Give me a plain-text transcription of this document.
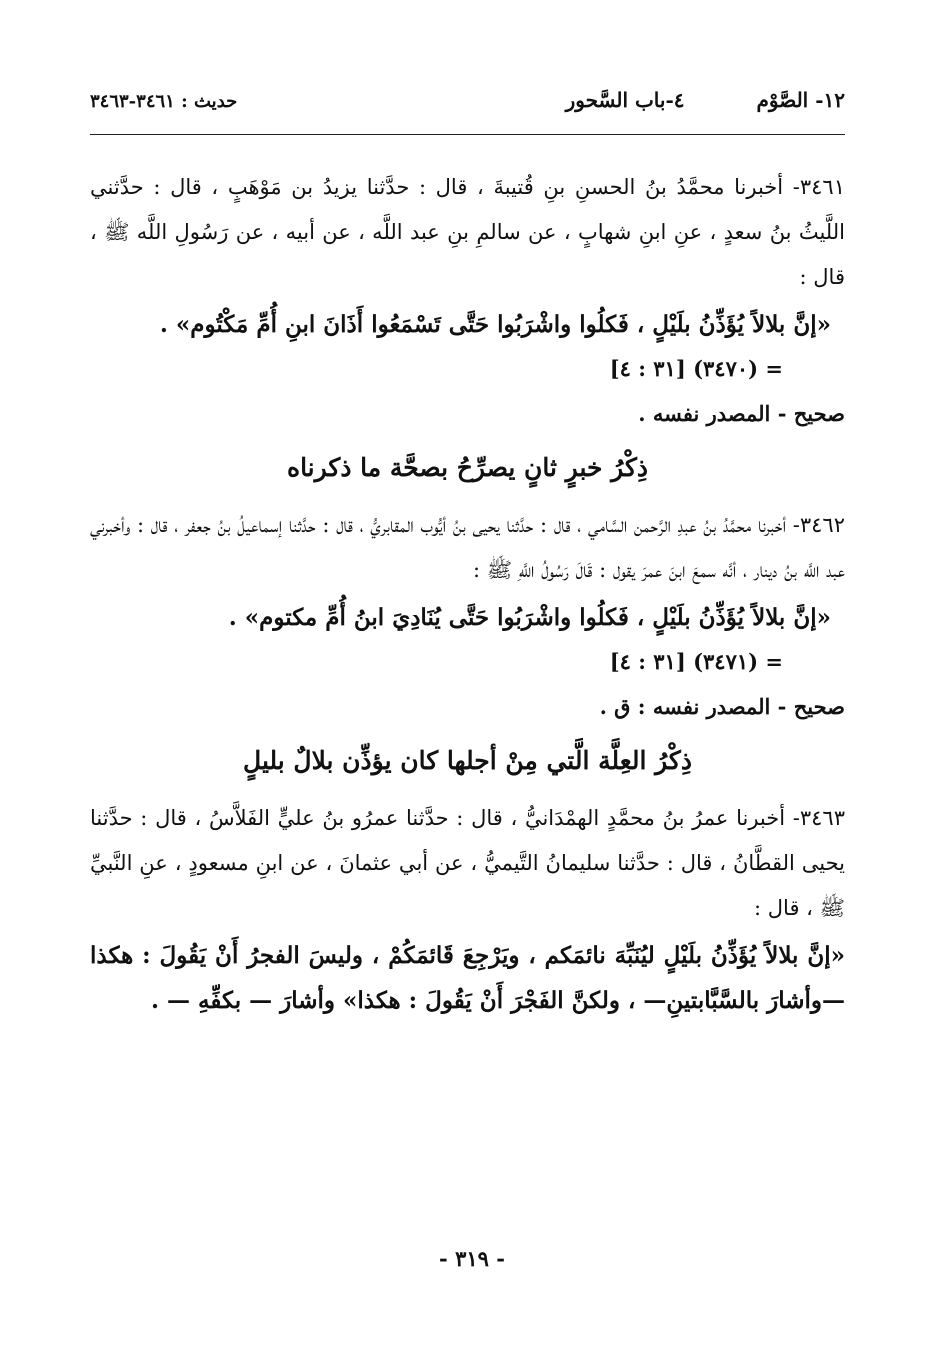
١٢- الصَّوْم
٤-باب السَّحور
حديث : ٣٤٦١-٣٤٦٣

٣٤٦١- أخبرنا محمَّدُ بنُ الحسنِ بنِ قُتيبةَ ، قال : حدَّثنا يزيدُ بن مَوْهَبٍ ، قال : حدَّثني اللَّيثُ بنُ سعدٍ ، عنِ ابنِ شهابٍ ، عن سالمِ بنِ عبد اللَّه ، عن أبيه ، عن رَسُولِ اللَّه ﷺ ، قال :

«إنَّ بلالاً يُؤَذِّنُ بلَيْلٍ ، فَكلُوا واشْرَبُوا حَتَّى تَسْمَعُوا أَذَانَ ابنِ أُمِّ مَكْتُوم» .

= (٣٤٧٠) [٣١ : ٤]

صحيح - المصدر نفسه .

ذِكْرُ خبرٍ ثانٍ يصرِّحُ بصحَّة ما ذكرناه

٣٤٦٢- أخبرنا محمَّدُ بنُ عبدِ الرَّحمن السَّامي ، قال : حدَّثنا يحيى بنُ أيُّوب المقابريُّ ، قال : حدَّثنا إسماعيلُ بنُ جعفر ، قال : وأخبرني عبد اللَّه بنُ دينار ، أنَّه سمعَ ابنَ عمرَ يقول : قَالَ رَسُولُ اللَّهِ ﷺ :

«إنَّ بلالاً يُؤَذِّنُ بلَيْلٍ ، فَكلُوا واشْرَبُوا حَتَّى يُنَادِيَ ابنُ أُمِّ مكتوم» .

= (٣٤٧١) [٣١ : ٤]

صحيح - المصدر نفسه : ق .

ذِكْرُ العِلَّة الَّتي مِنْ أجلها كان يؤذِّن بلالٌ بليلٍ

٣٤٦٣- أخبرنا عمرُ بنُ محمَّدٍ الهمْدَانيُّ ، قال : حدَّثنا عمرُو بنُ عليٍّ الفَلاَّسُ ، قال : حدَّثنا يحيى القطَّانُ ، قال : حدَّثنا سليمانُ التَّيميُّ ، عن أبي عثمانَ ، عن ابنِ مسعودٍ ، عنِ النَّبيِّ ﷺ ، قال :

«إنَّ بلالاً يُؤَذِّنُ بلَيْلٍ ليُنَبِّهَ نائمَكم ، ويَرْجِعَ قَائمَكُمْ ، وليسَ الفجرُ أَنْ يَقُولَ : هكذا —وأشارَ بالسَّبَّابتينِ— ، ولكنَّ الفَجْرَ أَنْ يَقُولَ : هكذا» وأشارَ — بكفِّهِ — .

- ٣١٩ -
